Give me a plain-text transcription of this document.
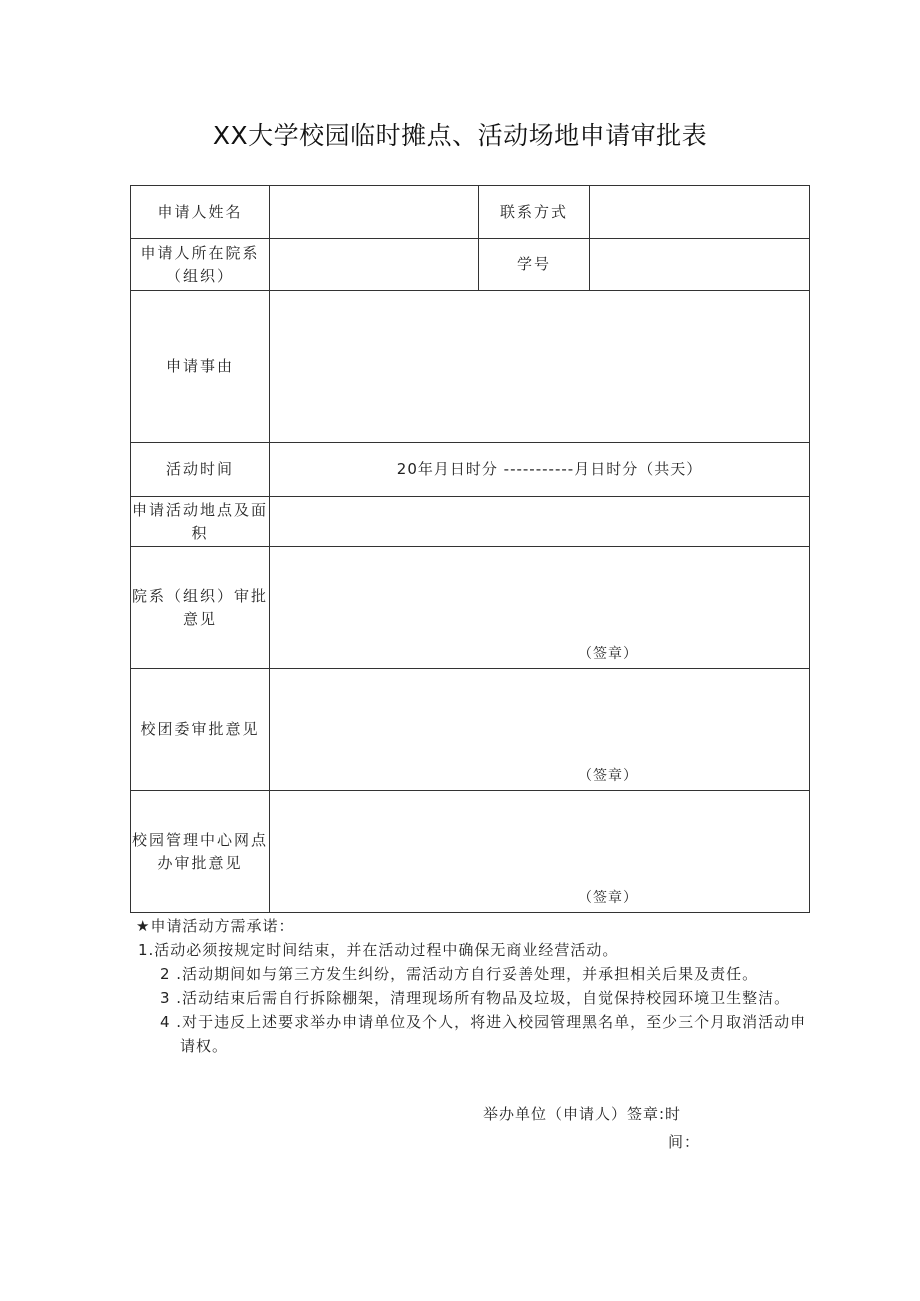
XX大学校园临时摊点、活动场地申请审批表
申请人姓名		联系方式	
申请人所在院系（组织）		学号	
申请事由			
活动时间	20年月日时分 -----------月日时分（共天）		

申请活动地点及面积			
院系（组织）审批意见	（签章）		

校团委审批意见	（签章）		

校园管理中心网点办审批意见	（签章）		
★申请活动方需承诺：
1.活动必须按规定时间结束，并在活动过程中确保无商业经营活动。
2 .活动期间如与第三方发生纠纷，需活动方自行妥善处理，并承担相关后果及责任。
3 .活动结束后需自行拆除棚架，清理现场所有物品及垃圾，自觉保持校园环境卫生整洁。
4 .对于违反上述要求举办申请单位及个人，将进入校园管理黑名单，至少三个月取消活动申请权。
举办单位（申请人）签章:时
间：
